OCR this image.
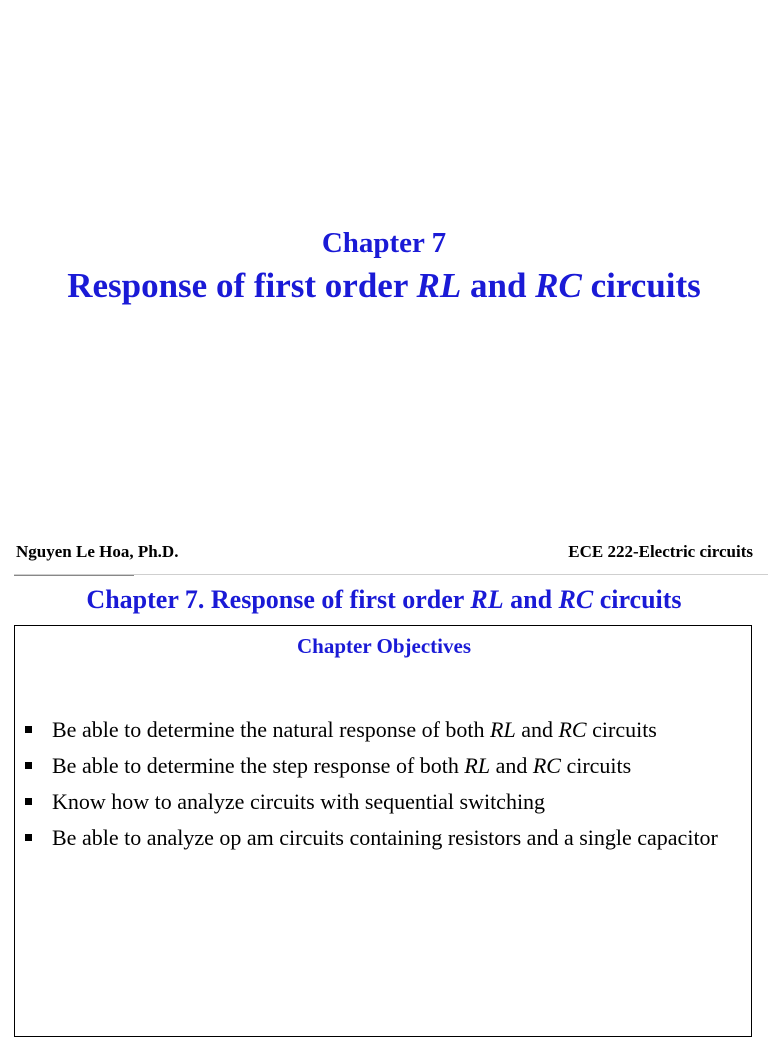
Chapter 7
Response of first order RL and RC circuits
Nguyen Le Hoa, Ph.D.	ECE 222-Electric circuits
Chapter 7. Response of first order RL and RC circuits
Chapter Objectives
Be able to determine the natural response of both RL and RC circuits
Be able to determine the step response of both RL and RC circuits
Know how to analyze circuits with sequential switching
Be able to analyze op am circuits containing resistors and a single capacitor
